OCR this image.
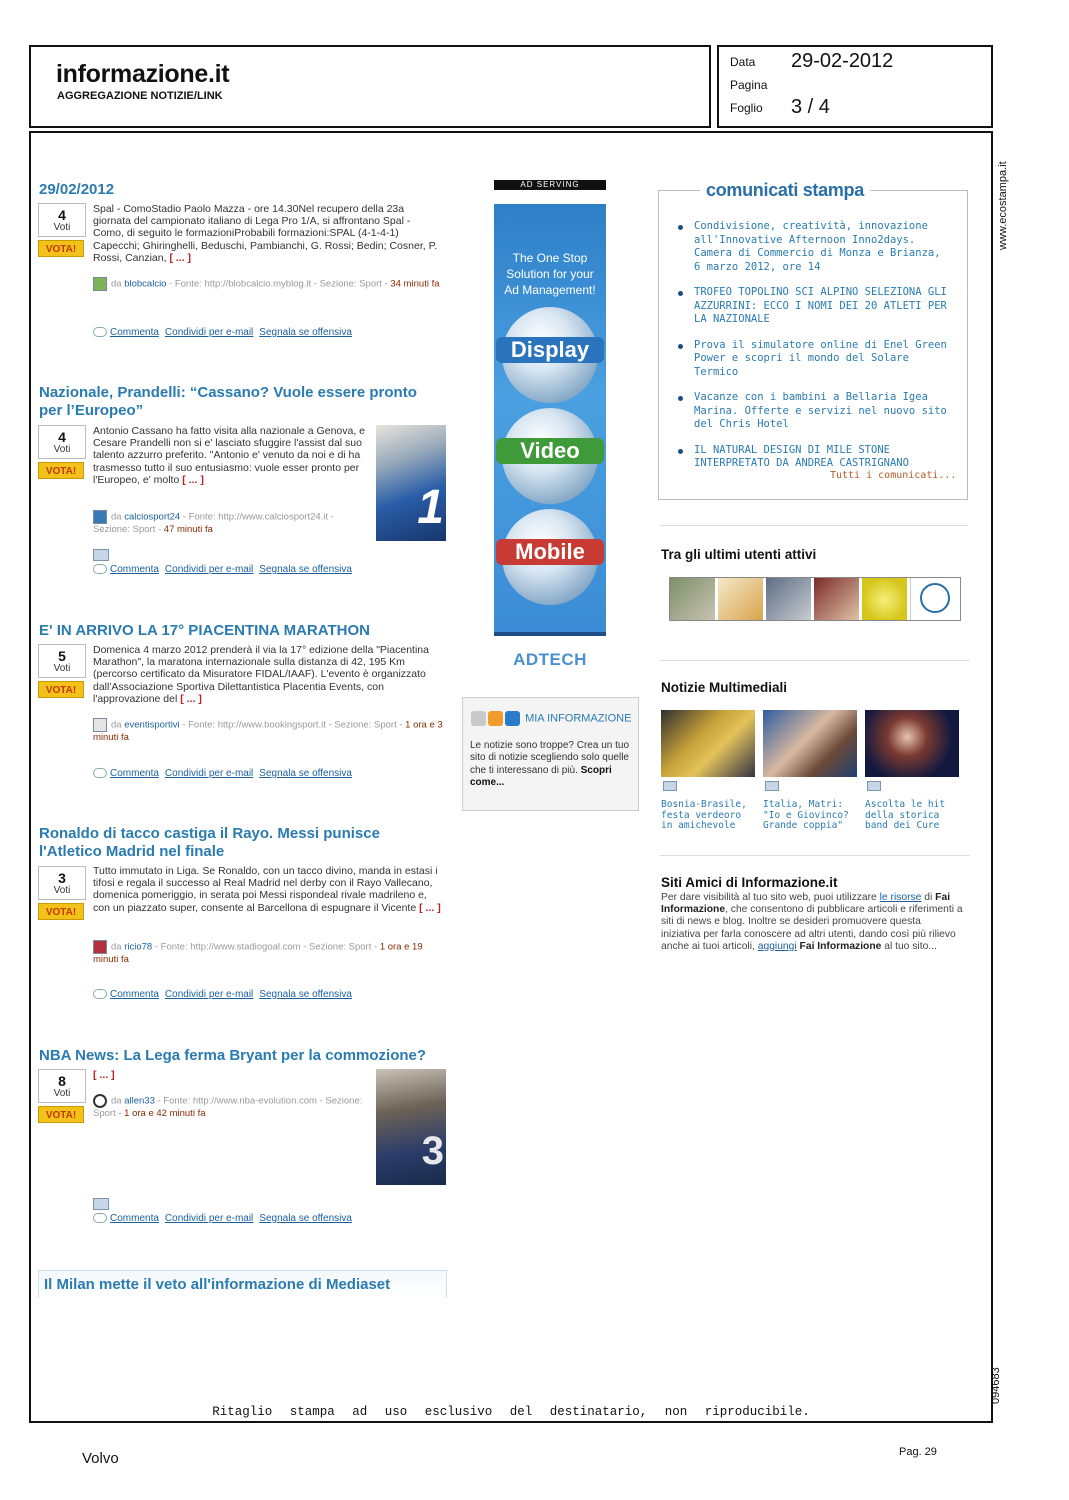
informazione.it
AGGREGAZIONE NOTIZIE/LINK
Data 29-02-2012
Pagina
Foglio 3 / 4
www.ecostampa.it
094683
29/02/2012
4
Voti
VOTA!
Spal - ComoStadio Paolo Mazza - ore 14.30Nel recupero della 23a giornata del campionato italiano di Lega Pro 1/A, si affrontano Spal - Como, di seguito le formazioniProbabili formazioni:SPAL (4-1-4-1) Capecchi; Ghiringhelli, Beduschi, Pambianchi, G. Rossi; Bedin; Cosner, P. Rossi, Canzian, [ ... ]
da blobcalcio - Fonte: http://blobcalcio.myblog.it - Sezione: Sport - 34 minuti fa
Commenta Condividi per e-mail Segnala se offensiva
Nazionale, Prandelli: “Cassano? Vuole essere pronto per l’Europeo”
4
Voti
VOTA!
Antonio Cassano ha fatto visita alla nazionale a Genova, e Cesare Prandelli non si e' lasciato sfuggire l'assist dal suo talento azzurro preferito. "Antonio e' venuto da noi e di ha trasmesso tutto il suo entusiasmo: vuole esser pronto per l'Europeo, e' molto [ ... ]
1
da calciosport24 - Fonte: http://www.calciosport24.it - Sezione: Sport - 47 minuti fa
Commenta Condividi per e-mail Segnala se offensiva
E' IN ARRIVO LA 17° PIACENTINA MARATHON
5
Voti
VOTA!
Domenica 4 marzo 2012 prenderà il via la 17° edizione della "Piacentina Marathon", la maratona internazionale sulla distanza di 42, 195 Km (percorso certificato da Misuratore FIDAL/IAAF). L'evento è organizzato dall'Associazione Sportiva Dilettantistica Placentia Events, con l'approvazione del [ ... ]
da eventisportivi - Fonte: http://www.bookingsport.it - Sezione: Sport - 1 ora e 3 minuti fa
Commenta Condividi per e-mail Segnala se offensiva
Ronaldo di tacco castiga il Rayo. Messi punisce l'Atletico Madrid nel finale
3
Voti
VOTA!
Tutto immutato in Liga. Se Ronaldo, con un tacco divino, manda in estasi i tifosi e regala il successo al Real Madrid nel derby con il Rayo Vallecano, domenica pomeriggio, in serata poi Messi rispondeal rivale madrileno e, con un piazzato super, consente al Barcellona di espugnare il Vicente [ ... ]
da ricio78 - Fonte: http://www.stadiogoal.com - Sezione: Sport - 1 ora e 19 minuti fa
Commenta Condividi per e-mail Segnala se offensiva
NBA News: La Lega ferma Bryant per la commozione?
8
Voti
VOTA!
[ ... ]
3
da allen33 - Fonte: http://www.nba-evolution.com - Sezione: Sport - 1 ora e 42 minuti fa
Commenta Condividi per e-mail Segnala se offensiva
Il Milan mette il veto all'informazione di Mediaset
AD SERVING
The One Stop Solution for your Ad Management!
Display
Video
Mobile
ADTECH
MIA INFORMAZIONE
Le notizie sono troppe? Crea un tuo sito di notizie scegliendo solo quelle che ti interessano di più. Scopri come...
comunicati stampa
Condivisione, creatività, innovazione all'Innovative Afternoon Inno2days. Camera di Commercio di Monza e Brianza, 6 marzo 2012, ore 14
TROFEO TOPOLINO SCI ALPINO SELEZIONA GLI AZZURRINI: ECCO I NOMI DEI 20 ATLETI PER LA NAZIONALE
Prova il simulatore online di Enel Green Power e scopri il mondo del Solare Termico
Vacanze con i bambini a Bellaria Igea Marina. Offerte e servizi nel nuovo sito del Chris Hotel
IL NATURAL DESIGN DI MILE STONE INTERPRETATO DA ANDREA CASTRIGNANO
Tutti i comunicati...
Tra gli ultimi utenti attivi
Notizie Multimediali
Bosnia-Brasile, festa verdeoro in amichevole
Italia, Matri: "Io e Giovinco? Grande coppia"
Ascolta le hit della storica band dei Cure
Siti Amici di Informazione.it
Per dare visibilità al tuo sito web, puoi utilizzare le risorse di Fai Informazione, che consentono di pubblicare articoli e riferimenti a siti di news e blog. Inoltre se desideri promuovere questa iniziativa per farla conoscere ad altri utenti, dando così più rilievo anche ai tuoi articoli, aggiungi Fai Informazione al tuo sito...
Ritaglio stampa ad uso esclusivo del destinatario, non riproducibile.
Volvo	Pag. 29
